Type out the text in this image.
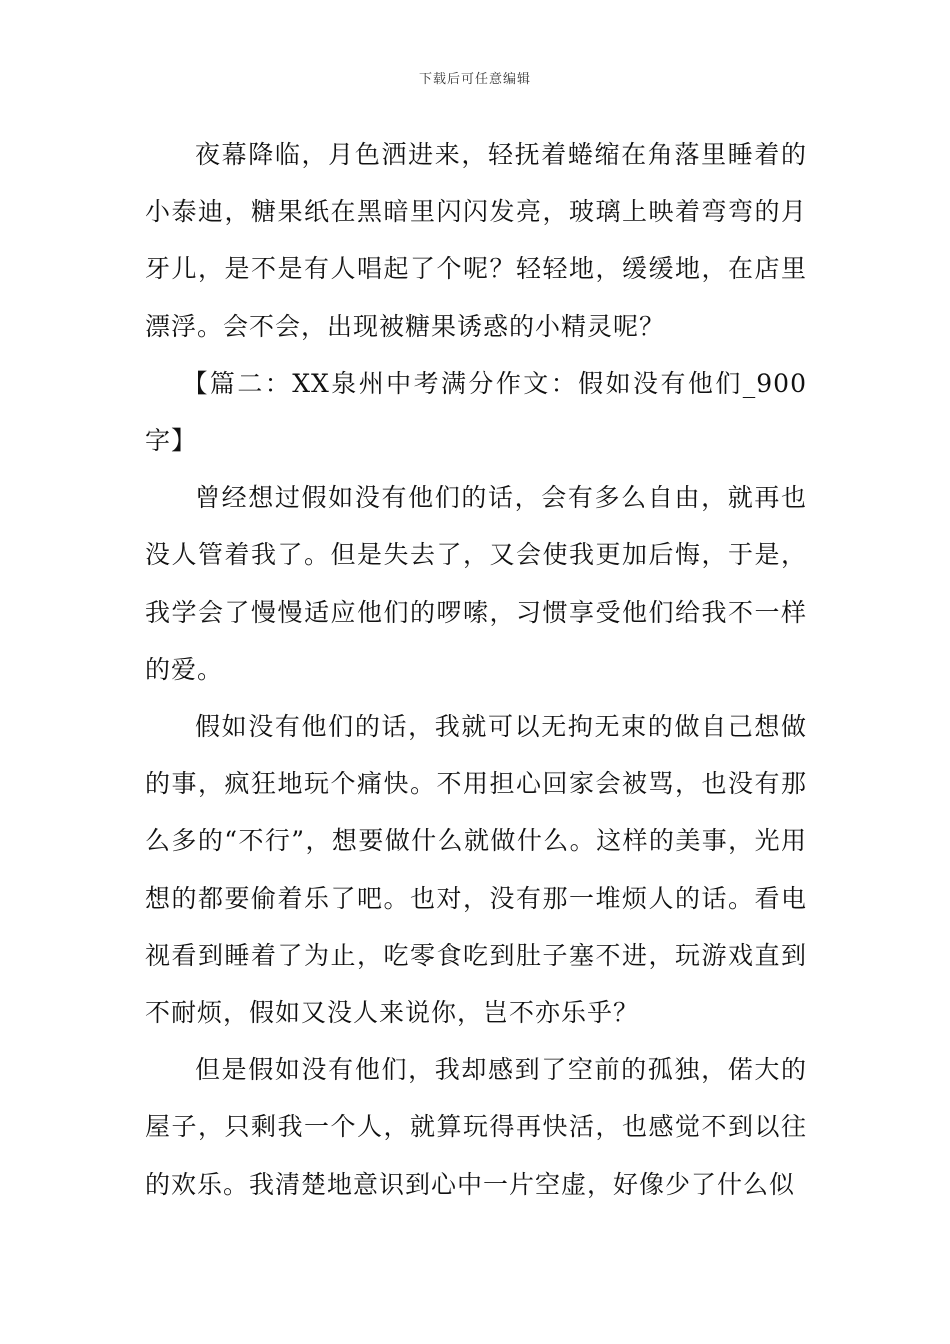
下载后可任意编辑

夜幕降临，月色洒进来，轻抚着蜷缩在角落里睡着的小泰迪，糖果纸在黑暗里闪闪发亮，玻璃上映着弯弯的月牙儿，是不是有人唱起了个呢？轻轻地，缓缓地，在店里漂浮。会不会，出现被糖果诱惑的小精灵呢？

【篇二：XX泉州中考满分作文：假如没有他们_900字】

曾经想过假如没有他们的话，会有多么自由，就再也没人管着我了。但是失去了，又会使我更加后悔，于是，我学会了慢慢适应他们的啰嗦，习惯享受他们给我不一样的爱。

假如没有他们的话，我就可以无拘无束的做自己想做的事，疯狂地玩个痛快。不用担心回家会被骂，也没有那么多的“不行”，想要做什么就做什么。这样的美事，光用想的都要偷着乐了吧。也对，没有那一堆烦人的话。看电视看到睡着了为止，吃零食吃到肚子塞不进，玩游戏直到不耐烦，假如又没人来说你，岂不亦乐乎？

但是假如没有他们，我却感到了空前的孤独，偌大的屋子，只剩我一个人，就算玩得再快活，也感觉不到以往的欢乐。我清楚地意识到心中一片空虚，好像少了什么似
